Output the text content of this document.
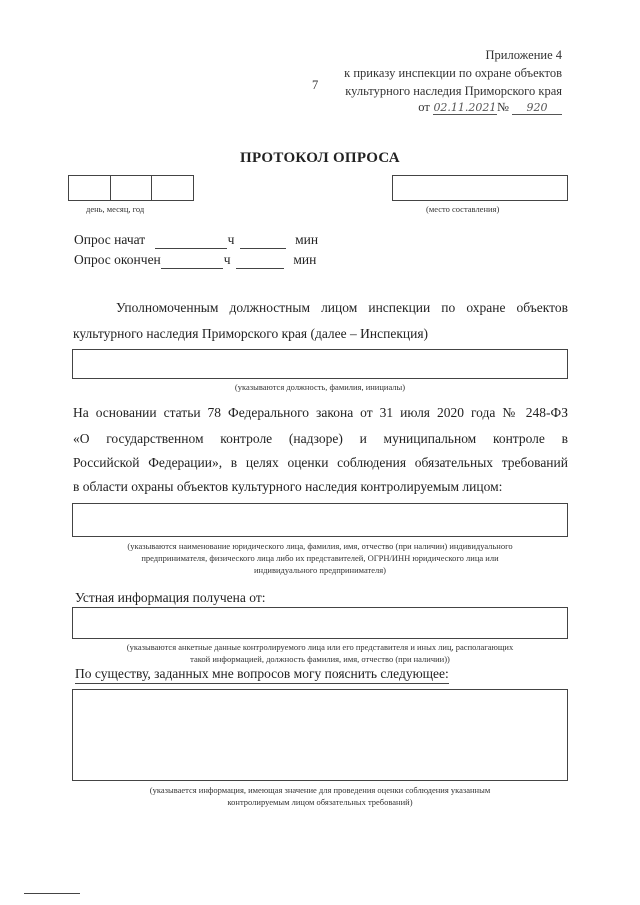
Приложение 4
к приказу инспекции по охране объектов
культурного наследия Приморского края
от 02.11.2021№ 920
7
ПРОТОКОЛ ОПРОСА
день, месяц, год	(место составления)
Опрос начат	ч	мин
Опрос окончен	ч	мин
Уполномоченным должностным лицом инспекции по охране объектов
культурного наследия Приморского края (далее – Инспекция)
(указываются должность, фамилия, инициалы)
На основании статьи 78 Федерального закона от 31 июля 2020 года № 248-ФЗ
«О государственном контроле (надзоре) и муниципальном контроле в
Российской Федерации», в целях оценки соблюдения обязательных требований
в области охраны объектов культурного наследия контролируемым лицом:
(указываются наименование юридического лица, фамилия, имя, отчество (при наличии) индивидуального
предпринимателя, физического лица либо их представителей, ОГРН/ИНН юридического лица или
индивидуального предпринимателя)
Устная информация получена от:
(указываются анкетные данные контролируемого лица или его представителя и иных лиц, располагающих
такой информацией, должность фамилия, имя, отчество (при наличии))
По существу, заданных мне вопросов могу пояснить следующее:
(указывается информация, имеющая значение для проведения оценки соблюдения указанным
контролируемым лицом обязательных требований)
